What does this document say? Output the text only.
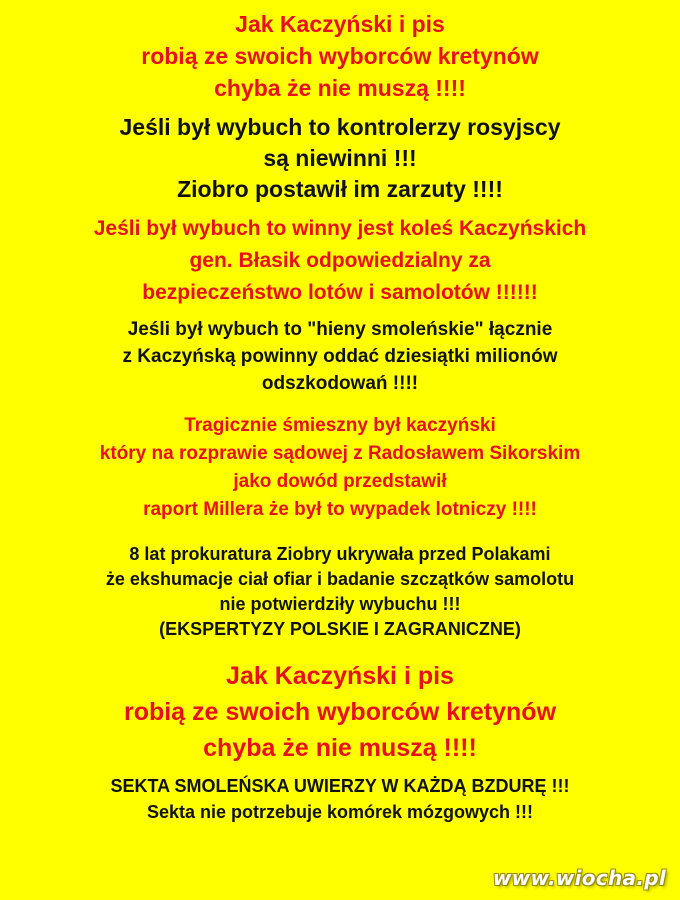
Jak Kaczyński i pis
robią ze swoich wyborców kretynów
chyba że nie muszą !!!!
Jeśli był wybuch to kontrolerzy rosyjscy
są niewinni !!!
Ziobro postawił im zarzuty !!!!
Jeśli był wybuch to winny jest koleś Kaczyńskich
gen. Błasik odpowiedzialny za
bezpieczeństwo lotów i samolotów !!!!!!
Jeśli był wybuch to "hieny smoleńskie" łącznie
z Kaczyńską powinny oddać dziesiątki milionów
odszkodowań !!!!
Tragicznie śmieszny był kaczyński
który na rozprawie sądowej z Radosławem Sikorskim
jako dowód przedstawił
raport Millera że był to wypadek lotniczy !!!!
8 lat prokuratura Ziobry ukrywała przed Polakami
że ekshumacje ciał ofiar i badanie szczątków samolotu
nie potwierdziły wybuchu !!!
(EKSPERTYZY POLSKIE I ZAGRANICZNE)
Jak Kaczyński i pis
robią ze swoich wyborców kretynów
chyba że nie muszą !!!!
SEKTA SMOLEŃSKA UWIERZY W KAŻDĄ BZDURĘ !!!
Sekta nie potrzebuje komórek mózgowych !!!
www.wiocha.pl
